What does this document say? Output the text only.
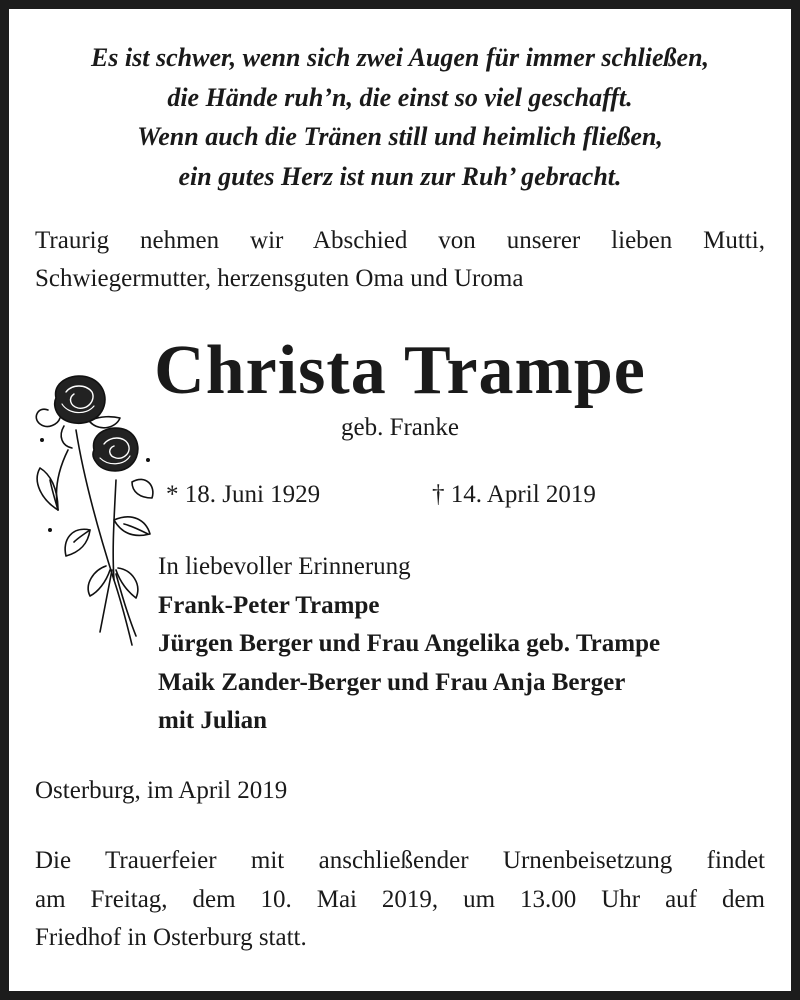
Es ist schwer, wenn sich zwei Augen für immer schließen,
die Hände ruh’n, die einst so viel geschafft.
Wenn auch die Tränen still und heimlich fließen,
ein gutes Herz ist nun zur Ruh’ gebracht.
Traurig nehmen wir Abschied von unserer lieben Mutti,
Schwiegermutter, herzensguten Oma und Uroma
Christa Trampe
geb. Franke
* 18. Juni 1929	† 14. April 2019
In liebevoller Erinnerung
Frank-Peter Trampe
Jürgen Berger und Frau Angelika geb. Trampe
Maik Zander-Berger und Frau Anja Berger
mit Julian
Osterburg, im April 2019
Die Trauerfeier mit anschließender Urnenbeisetzung findet
am Freitag, dem 10. Mai 2019, um 13.00 Uhr auf dem
Friedhof in Osterburg statt.
